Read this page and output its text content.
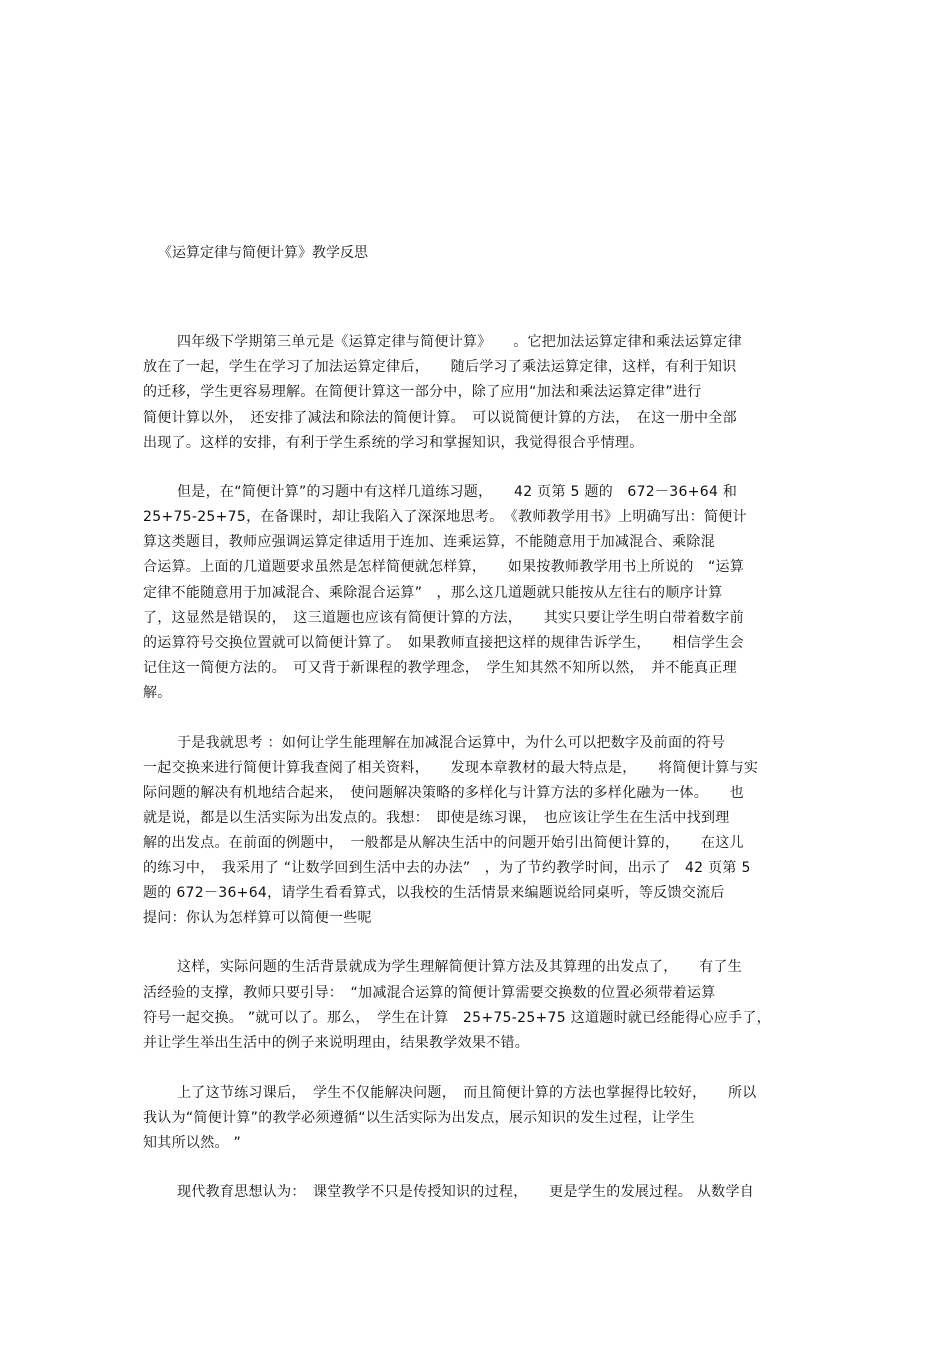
《运算定律与简便计算》教学反思
四年级下学期第三单元是《运算定律与简便计算》　　。它把加法运算定律和乘法运算定律
放在了一起，学生在学习了加法运算定律后，　　随后学习了乘法运算定律，这样，有利于知识
的迁移，学生更容易理解。在简便计算这一部分中，除了应用“加法和乘法运算定律”进行
简便计算以外，　还安排了减法和除法的简便计算。　可以说简便计算的方法，　在这一册中全部
出现了。这样的安排，有利于学生系统的学习和掌握知识，我觉得很合乎情理。
但是，在“简便计算”的习题中有这样几道练习题，　　42 页第 5 题的　672－36+64 和
25+75-25+75，在备课时，却让我陷入了深深地思考。　《教师教学用书》上明确写出：简便计
算这类题目，教师应强调运算定律适用于连加、连乘运算，不能随意用于加减混合、乘除混
合运算。上面的几道题要求虽然是怎样简便就怎样算，　　如果按教师教学用书上所说的　“运算
定律不能随意用于加减混合、乘除混合运算”　，那么这几道题就只能按从左往右的顺序计算
了，这显然是错误的，　这三道题也应该有简便计算的方法，　　其实只要让学生明白带着数字前
的运算符号交换位置就可以简便计算了。　如果教师直接把这样的规律告诉学生，　　相信学生会
记住这一简便方法的。　可又背于新课程的教学理念，　学生知其然不知所以然，　并不能真正理
解。
于是我就思考 ：如何让学生能理解在加减混合运算中，为什么可以把数字及前面的符号
一起交换来进行简便计算我查阅了相关资料，　　发现本章教材的最大特点是，　　将简便计算与实
际问题的解决有机地结合起来，　使问题解决策略的多样化与计算方法的多样化融为一体。　　也
就是说，都是以生活实际为出发点的。我想：　即使是练习课，　也应该让学生在生活中找到理
解的出发点。在前面的例题中，　一般都是从解决生活中的问题开始引出简便计算的，　　在这儿
的练习中，　我采用了 “让数学回到生活中去的办法”　，为了节约教学时间，出示了　42 页第 5
题的 672－36+64，请学生看看算式，以我校的生活情景来编题说给同桌听，等反馈交流后
提问：你认为怎样算可以简便一些呢
这样，实际问题的生活背景就成为学生理解简便计算方法及其算理的出发点了，　　有了生
活经验的支撑，教师只要引导：　“加减混合运算的简便计算需要交换数的位置必须带着运算
符号一起交换。 ”就可以了。那么，　学生在计算　25+75-25+75 这道题时就已经能得心应手了，
并让学生举出生活中的例子来说明理由，结果教学效果不错。
上了这节练习课后，　学生不仅能解决问题，　而且简便计算的方法也掌握得比较好，　　所以
我认为“简便计算”的教学必须遵循“以生活实际为出发点，展示知识的发生过程，让学生
知其所以然。 ”
现代教育思想认为：　课堂教学不只是传授知识的过程，　　更是学生的发展过程。 从数学自
